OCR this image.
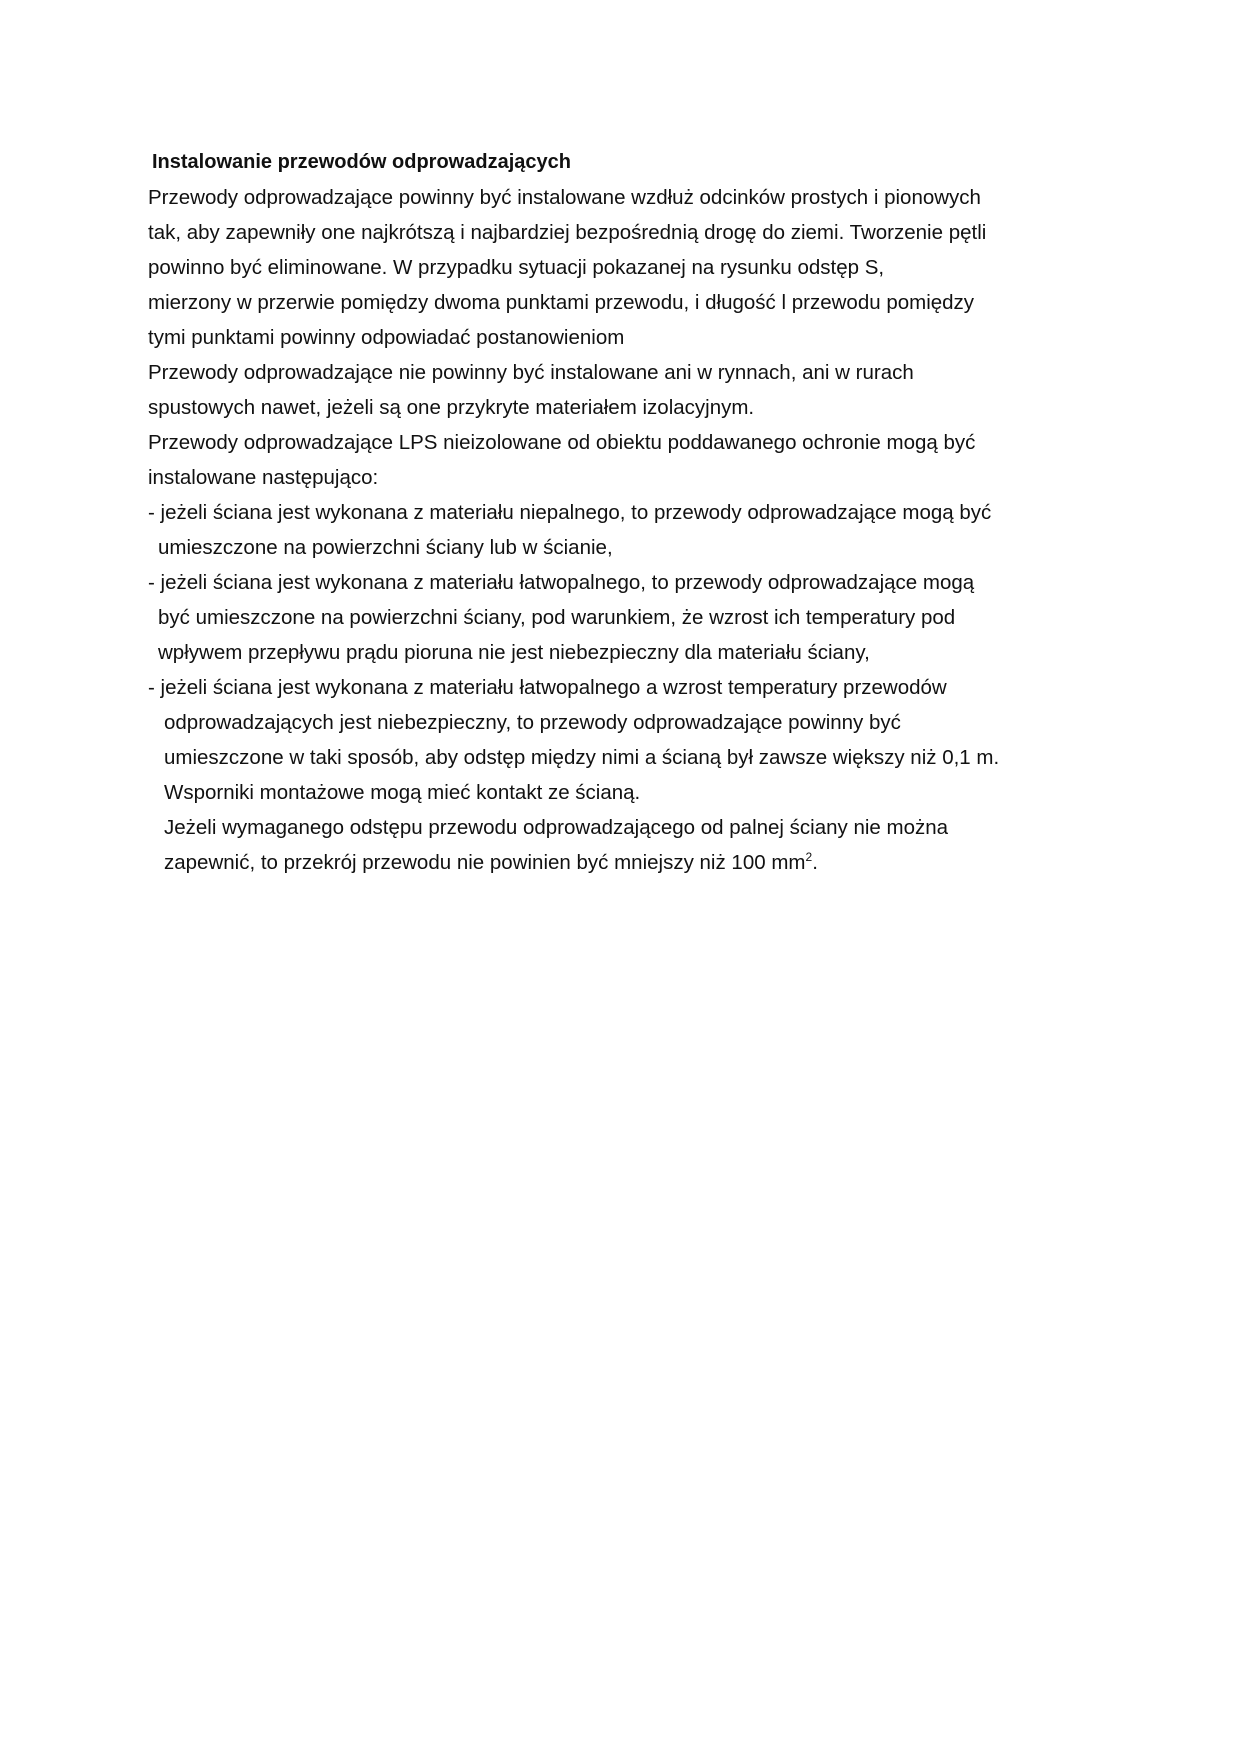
Instalowanie przewodów odprowadzających
Przewody odprowadzające powinny być instalowane wzdłuż odcinków prostych i pionowych
tak, aby zapewniły one najkrótszą i najbardziej bezpośrednią drogę do ziemi. Tworzenie pętli
powinno być eliminowane. W przypadku sytuacji pokazanej na rysunku odstęp S,
mierzony w przerwie pomiędzy dwoma punktami przewodu, i długość l przewodu pomiędzy
tymi punktami powinny odpowiadać postanowieniom
Przewody odprowadzające nie powinny być instalowane ani w rynnach, ani w rurach
spustowych nawet, jeżeli są one przykryte materiałem izolacyjnym.
Przewody odprowadzające LPS nieizolowane od obiektu poddawanego ochronie mogą być
instalowane następująco:
- jeżeli ściana jest wykonana z materiału niepalnego, to przewody odprowadzające mogą być
umieszczone na powierzchni ściany lub w ścianie,
- jeżeli ściana jest wykonana z materiału łatwopalnego, to przewody odprowadzające mogą
być umieszczone na powierzchni ściany, pod warunkiem, że wzrost ich temperatury pod
wpływem przepływu prądu pioruna nie jest niebezpieczny dla materiału ściany,
- jeżeli ściana jest wykonana z materiału łatwopalnego a wzrost temperatury przewodów
odprowadzających jest niebezpieczny, to przewody odprowadzające powinny być
umieszczone w taki sposób, aby odstęp między nimi a ścianą był zawsze większy niż 0,1 m.
Wsporniki montażowe mogą mieć kontakt ze ścianą.
Jeżeli wymaganego odstępu przewodu odprowadzającego od palnej ściany nie można
zapewnić, to przekrój przewodu nie powinien być mniejszy niż 100 $mm^2$.
